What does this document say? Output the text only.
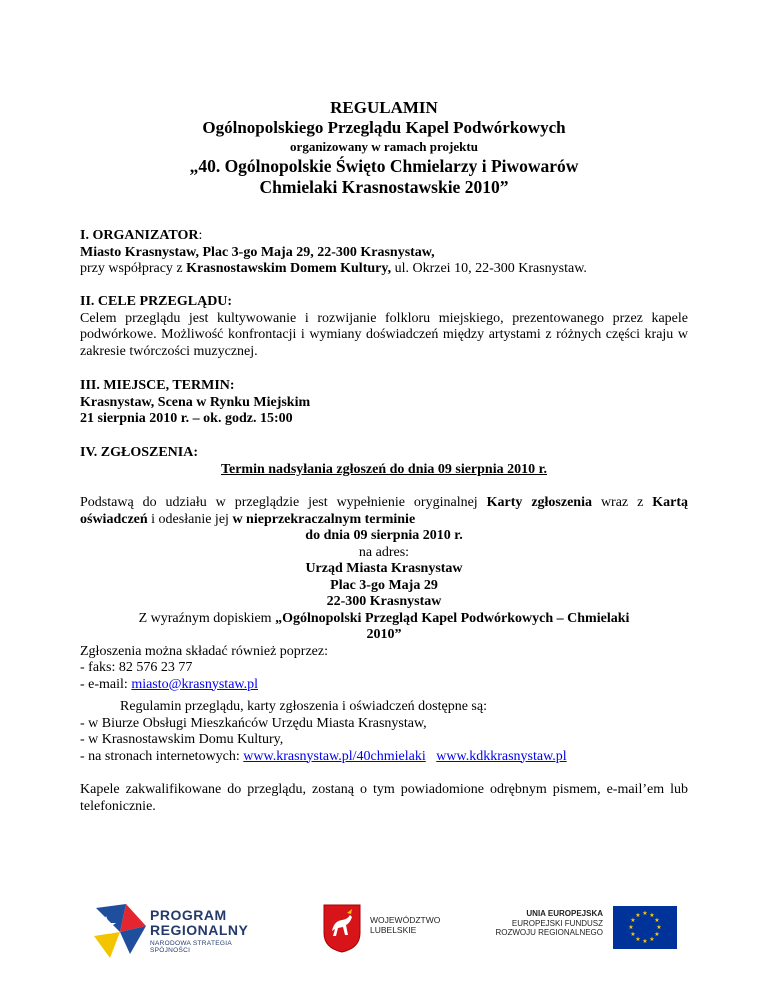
REGULAMIN
Ogólnopolskiego Przeglądu Kapel Podwórkowych
organizowany w ramach projektu
„40. Ogólnopolskie Święto Chmielarzy i Piwowarów
Chmielaki Krasnostawskie 2010”
I. ORGANIZATOR:
Miasto Krasnystaw, Plac 3-go Maja 29, 22-300 Krasnystaw,
przy współpracy z Krasnostawskim Domem Kultury, ul. Okrzei 10, 22-300 Krasnystaw.
II. CELE PRZEGLĄDU:
Celem przeglądu jest kultywowanie i rozwijanie folkloru miejskiego, prezentowanego przez kapele podwórkowe. Możliwość konfrontacji i wymiany doświadczeń między artystami z różnych części kraju w zakresie twórczości muzycznej.
III. MIEJSCE, TERMIN:
Krasnystaw, Scena w Rynku Miejskim
21 sierpnia 2010 r. – ok. godz. 15:00
IV. ZGŁOSZENIA:
Termin nadsyłania zgłoszeń do dnia 09 sierpnia 2010 r.
Podstawą do udziału w przeglądzie jest wypełnienie oryginalnej Karty zgłoszenia wraz z Kartą oświadczeń i odesłanie jej w nieprzekraczalnym terminie
do dnia 09 sierpnia 2010 r.
na adres:
Urząd Miasta Krasnystaw
Plac 3-go Maja 29
22-300 Krasnystaw
Z wyraźnym dopiskiem „Ogólnopolski Przegląd Kapel Podwórkowych – Chmielaki 2010”
Zgłoszenia można składać również poprzez:
- faks: 82 576 23 77
- e-mail: miasto@krasnystaw.pl
Regulamin przeglądu, karty zgłoszenia i oświadczeń dostępne są:
- w Biurze Obsługi Mieszkańców Urzędu Miasta Krasnystaw,
- w Krasnostawskim Domu Kultury,
- na stronach internetowych: www.krasnystaw.pl/40chmielaki www.kdkkrasnystaw.pl
Kapele zakwalifikowane do przeglądu, zostaną o tym powiadomione odrębnym pismem, e-mail’em lub telefonicznie.
PROGRAM
REGIONALNY
NARODOWA STRATEGIA SPÓJNOŚCI
WOJEWÓDZTWO
LUBELSKIE
UNIA EUROPEJSKA
EUROPEJSKI FUNDUSZ
ROZWOJU REGIONALNEGO
★ ★
★
★
★
★
★
★
★
★
★
★
